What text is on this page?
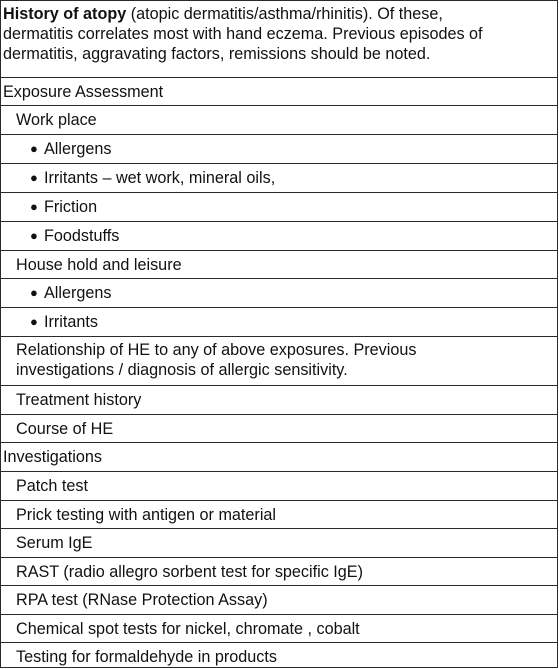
History of atopy (atopic dermatitis/asthma/rhinitis). Of these,
dermatitis correlates most with hand eczema. Previous episodes of
dermatitis, aggravating factors, remissions should be noted.
Exposure Assessment
Work place
● Allergens
● Irritants – wet work, mineral oils,
● Friction
● Foodstuffs
House hold and leisure
● Allergens
● Irritants
Relationship of HE to any of above exposures. Previous
investigations / diagnosis of allergic sensitivity.
Treatment history
Course of HE
Investigations
Patch test
Prick testing with antigen or material
Serum IgE
RAST (radio allegro sorbent test for specific IgE)
RPA test (RNase Protection Assay)
Chemical spot tests for nickel, chromate , cobalt
Testing for formaldehyde in products
